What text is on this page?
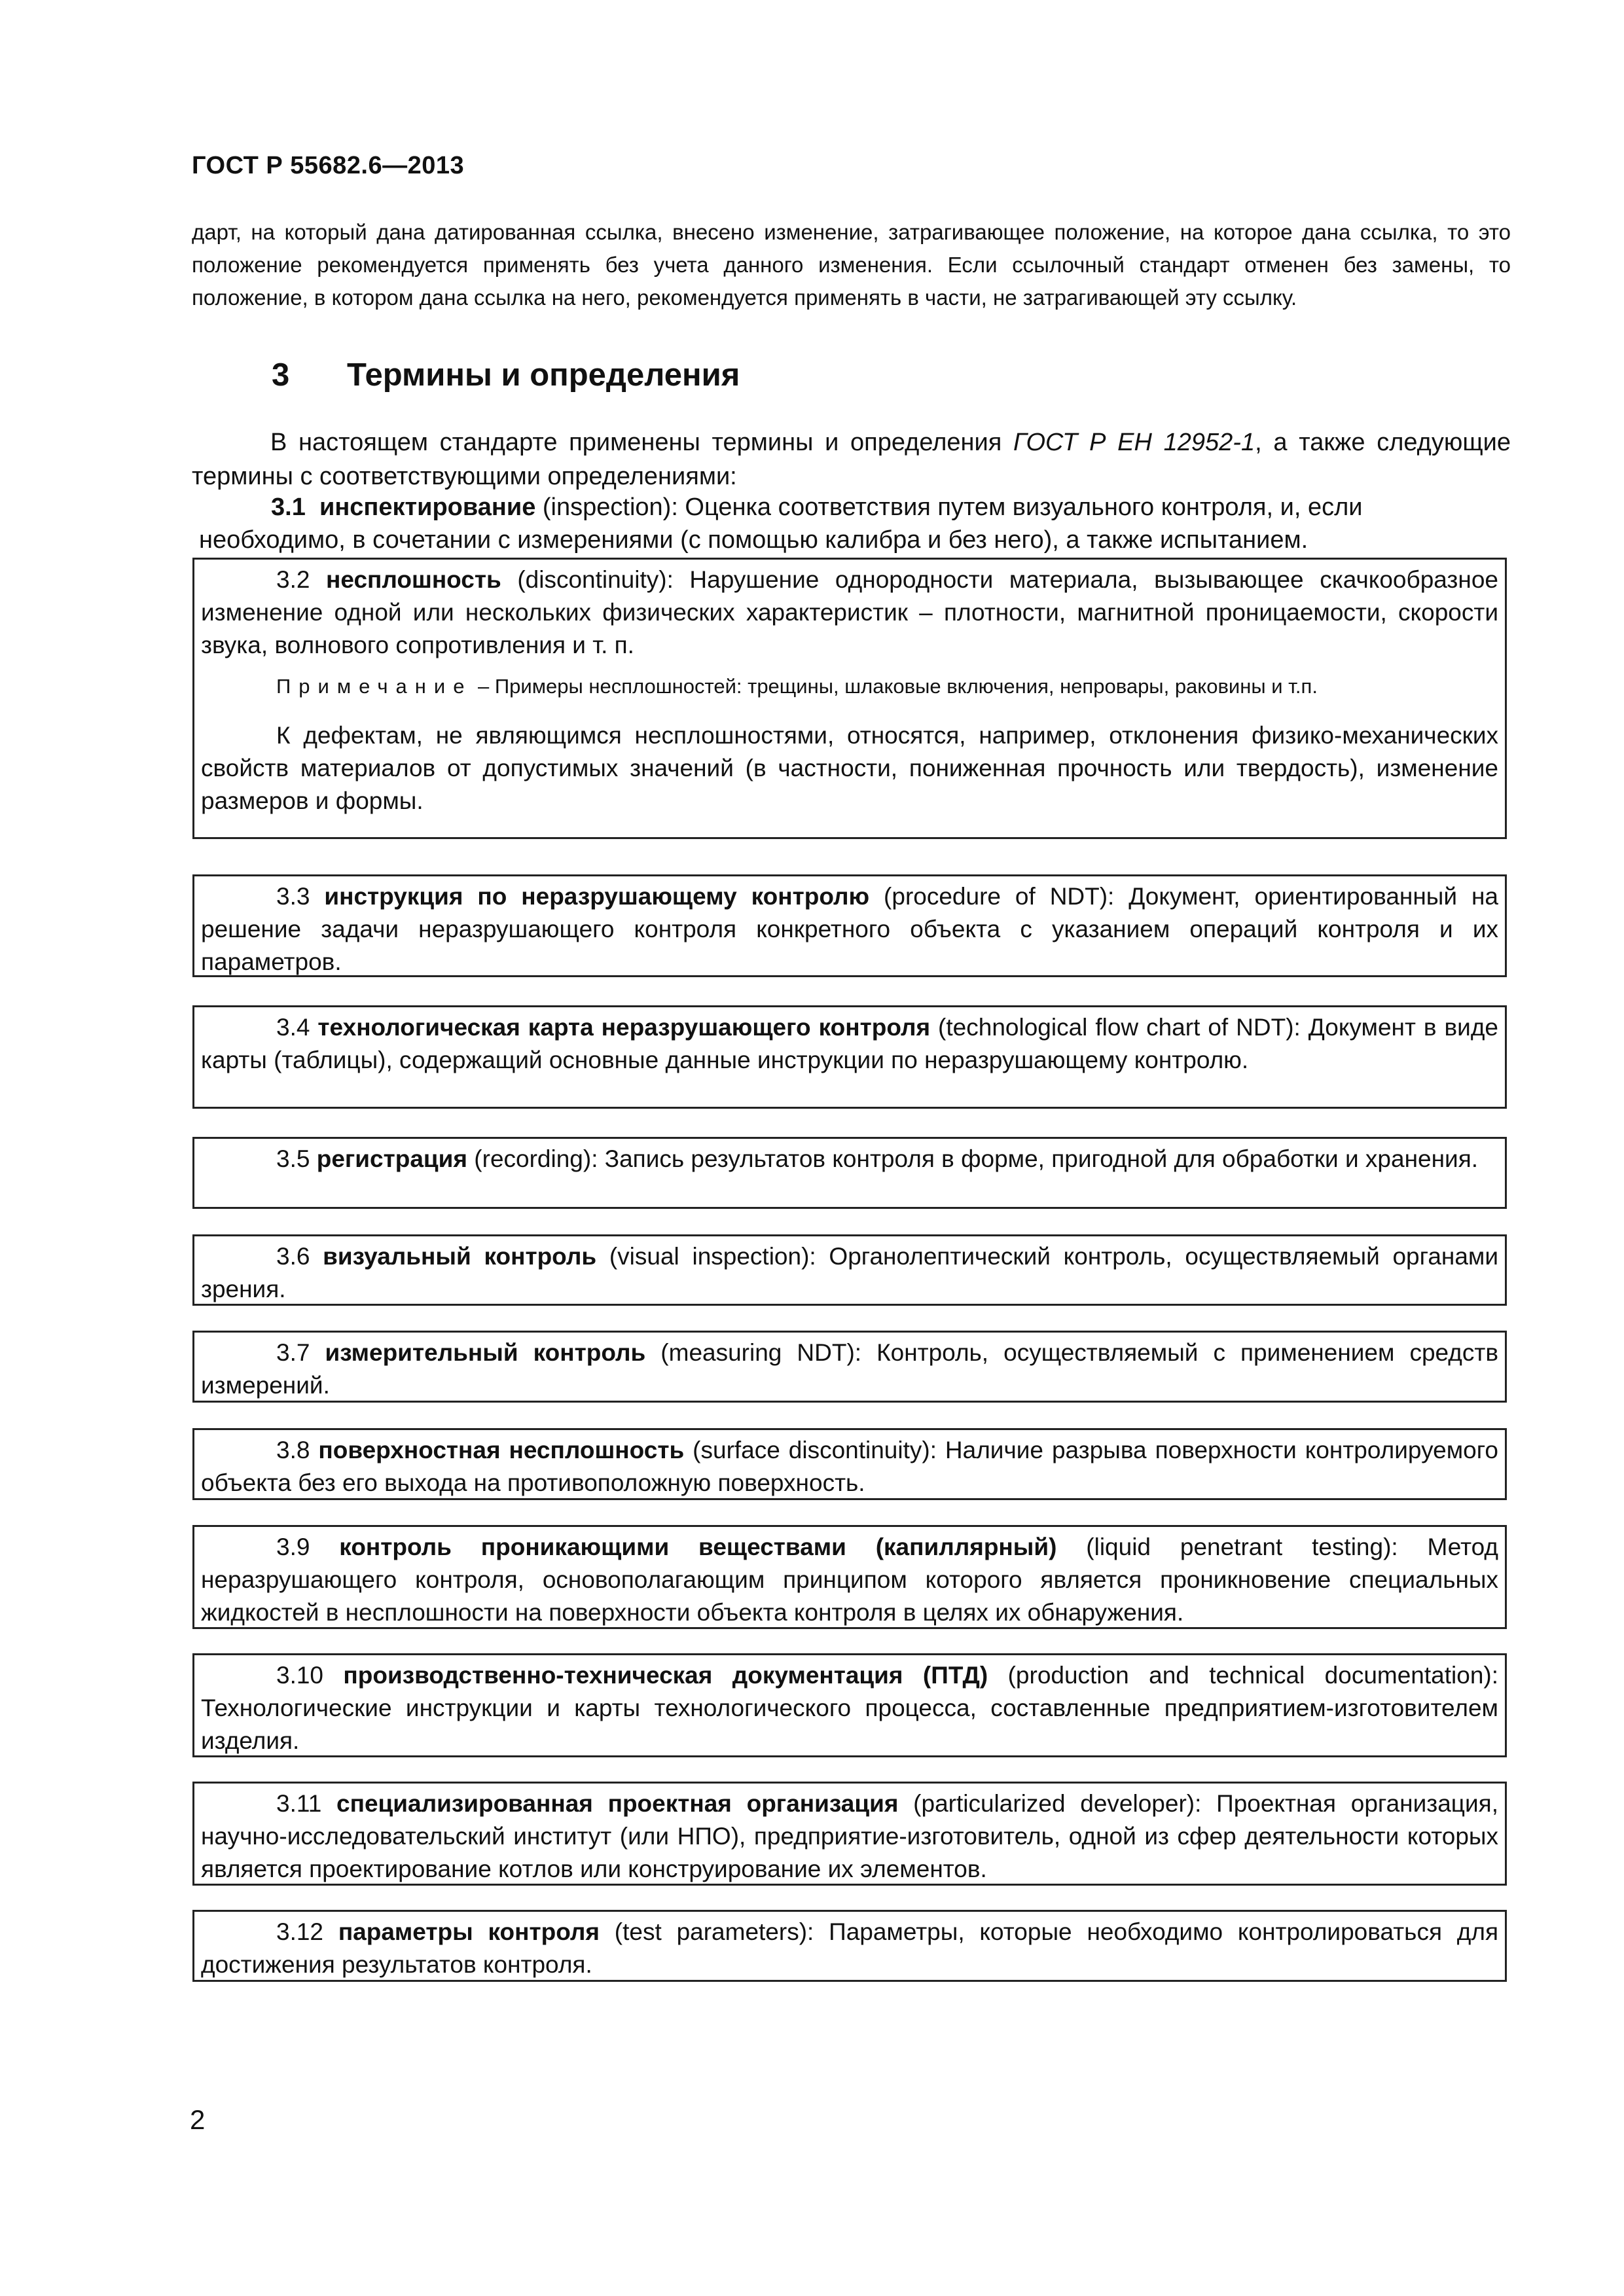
ГОСТ Р 55682.6—2013
дарт, на который дана датированная ссылка, внесено изменение, затрагивающее положение, на которое дана ссылка, то это положение рекомендуется применять без учета данного изменения. Если ссылочный стандарт отменен без замены, то положение, в котором дана ссылка на него, рекомендуется применять в части, не затрагивающей эту ссылку.
3 Термины и определения
В настоящем стандарте применены термины и определения ГОСТ Р ЕН 12952-1, а также следующие термины с соответствующими определениями:
3.1 инспектирование (inspection): Оценка соответствия путем визуального контроля, и, если необходимо, в сочетании с измерениями (с помощью калибра и без него), а также испытанием.

3.2 несплошность (discontinuity): Нарушение однородности материала, вызывающее скачкообразное изменение одной или нескольких физических характеристик – плотности, магнитной проницаемости, скорости звука, волнового сопротивления и т. п.

Примечание – Примеры несплошностей: трещины, шлаковые включения, непровары, раковины и т.п.

К дефектам, не являющимся несплошностями, относятся, например, отклонения физико-механических свойств материалов от допустимых значений (в частности, пониженная прочность или твердость), изменение размеров и формы.

3.3 инструкция по неразрушающему контролю (procedure of NDT): Документ, ориентированный на решение задачи неразрушающего контроля конкретного объекта с указанием операций контроля и их параметров.

3.4 технологическая карта неразрушающего контроля (technological flow chart of NDT): Документ в виде карты (таблицы), содержащий основные данные инструкции по неразрушающему контролю.

3.5 регистрация (recording): Запись результатов контроля в форме, пригодной для обработки и хранения.

3.6 визуальный контроль (visual inspection): Органолептический контроль, осуществляемый органами зрения.

3.7 измерительный контроль (measuring NDT): Контроль, осуществляемый с применением средств измерений.

3.8 поверхностная несплошность (surface discontinuity): Наличие разрыва поверхности контролируемого объекта без его выхода на противоположную поверхность.

3.9 контроль проникающими веществами (капиллярный) (liquid penetrant testing): Метод неразрушающего контроля, основополагающим принципом которого является проникновение специальных жидкостей в несплошности на поверхности объекта контроля в целях их обнаружения.

3.10 производственно-техническая документация (ПТД) (production and technical documentation): Технологические инструкции и карты технологического процесса, составленные предприятием-изготовителем изделия.

3.11 специализированная проектная организация (particularized developer): Проектная организация, научно-исследовательский институт (или НПО), предприятие-изготовитель, одной из сфер деятельности которых является проектирование котлов или конструирование их элементов.

3.12 параметры контроля (test parameters): Параметры, которые необходимо контролироваться для достижения результатов контроля.

2
